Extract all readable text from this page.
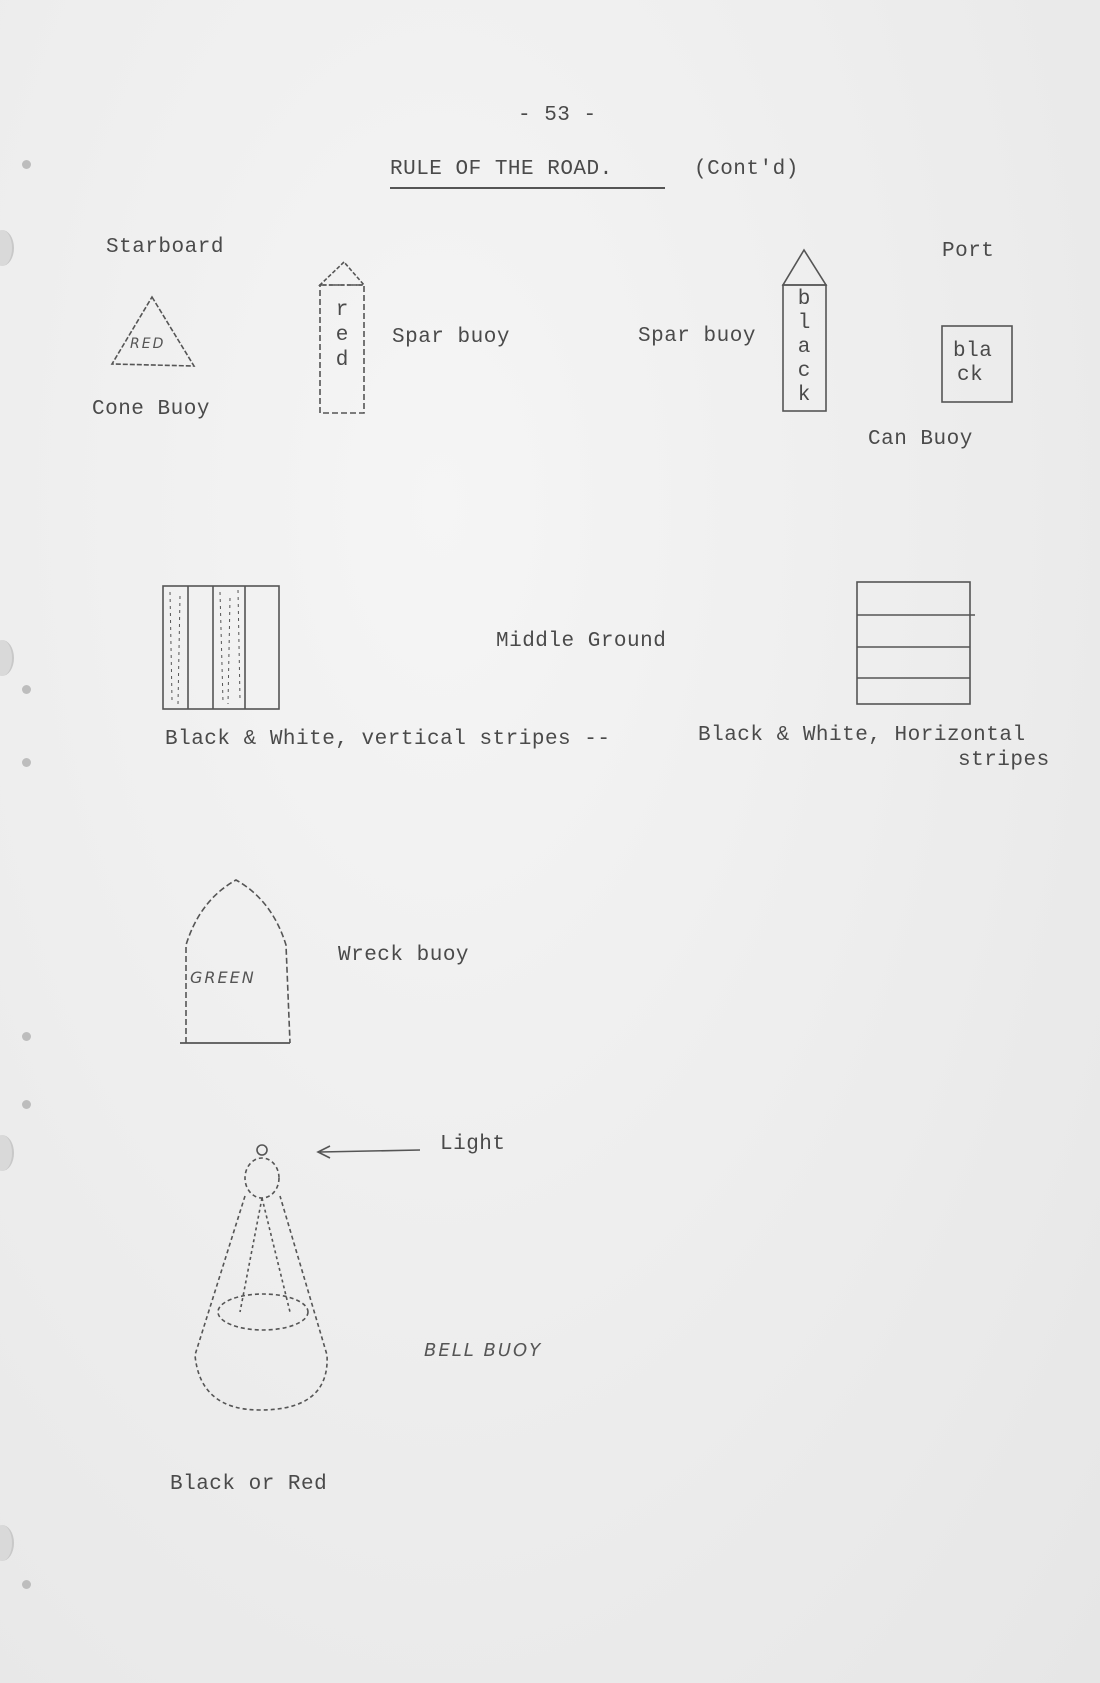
- 53 -
RULE OF THE ROAD.	(Cont'd)
Starboard	Port
RED
Cone Buoy
r
e
d
Spar buoy	Spar buoy
b
l
a
c
k
bla
ck
Can Buoy
Middle Ground
Black & White, vertical stripes --	Black & White, Horizontal
stripes
GREEN
Wreck buoy
Light
BELL BUOY
Black or Red
